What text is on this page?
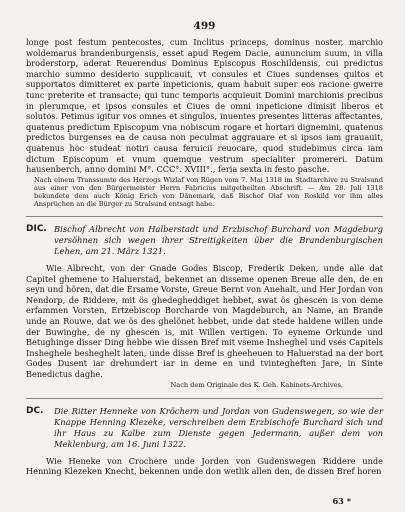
499
longe post festum pentecostes, cum Inclitus princeps, dominus noster, marchio woldemarus brandenburgensis, esset apud Regem Dacie, aununcium suum, in villa broderstorp, aderat Reuerendus Dominus Episcopus Roschildensis, cui predictus marchio summo desiderio supplicauit, vt consules et Ciues sundenses quitos et supportatos dimitteret ex parte inpeticionis, quam habuit super eos racione gwerre tunc preterite et transacte; qui tunc temporis acquieuit Domini marchionis precibus in plerumque, et ipsos consules et Ciues de omni inpeticione dimisit liberos et solutos. Petimus igitur vos omnes et singulos, inuentes presentes litteras affectantes, quatenus predictum Episcopum vna nobiscum rogare et hortari dignemini, quatenus predictos burgenses ea de causa non peculmat aggrauare et si ipsos iam grauauit, quatenus hoc studeat notiri causa feruicii reuocare, quod studebimus circa iam dictum Episcopum et vnum quemque vestrum specialiter promereri. Datum hausenberch, anno domini M°. CCC°. XVIII°., feria sexta in festo pasche.
Nach einem Transsumte des Herzogs Wizlaf von Rügen vom 7. Mai 1318 im Stadtarchive zu Stralsund aus einer von den Bürgermeister Herrn Fabricius mitgetheilten Abschrift. — Am 28. Juli 1318 bekundete dem auch König Erich von Dänemark, daß Bischof Olaf von Roskild vor ihm alles Ansprüchen an die Bürger zu Stralsund entsagt habe.
DIC. Bischof Albrecht von Halberstadt und Erzbischof Burchard von Magdeburg versöhnen sich wegen ihrer Streitigkeiten über die Brandenburgischen Lehen, am 21. März 1321.
Wie Albrecht, von der Gnade Godes Biscop, Frederik Deken, unde alle dat Capitel ghemene to Haluerstad, bekennet an disseme openen Breue alle den, de en seyn und hören, dat die Ersame Vorste, Greue Bernt von Anehalt, und Her Jordan von Nendorp, de Riddere, mit ös ghedegheddiget hebbet, swat ös ghescen is von deme erfammen Vorsten, Ertzebiscop Borcharde von Magdeburch, an Name, an Brande unde an Rouwe, dat we ös des ghelönet hebbet, unde dat stede haldene willen unde der Buwinghe, de ny ghescen is, mit Willen vertigen. To eyneme Orkunde und Betughinge disser Ding hebbe wie dissen Bref mit vseme Insheghel und vses Capitels Insheghele besheghelt laten, unde disse Bref is gheeheuen to Haluerstad na der bort Godes Dusent iar drehundert iar in deme en und tvintegheften Jare, in Sinte Benedictus daghe.
Nach dem Originale des K. Geh. Kabinets-Archives.
DC.	Die Ritter Henneke von Kröchern und Jordan von Gudenswegen, so wie der Knappe Henning Klezeke, verschreiben dem Erzbischofe Burchard sich und ihr Haus zu Kalbe zum Dienste gegen Jedermann, außer dem von Meklenburg, am 16. Juni 1322.
Wie Heneke von Crochere unde Jorden von Gudenswegen Riddere unde Henning Klezeken Knecht, bekennen unde don wetlik allen den, de dissen Bref horen
63 *
